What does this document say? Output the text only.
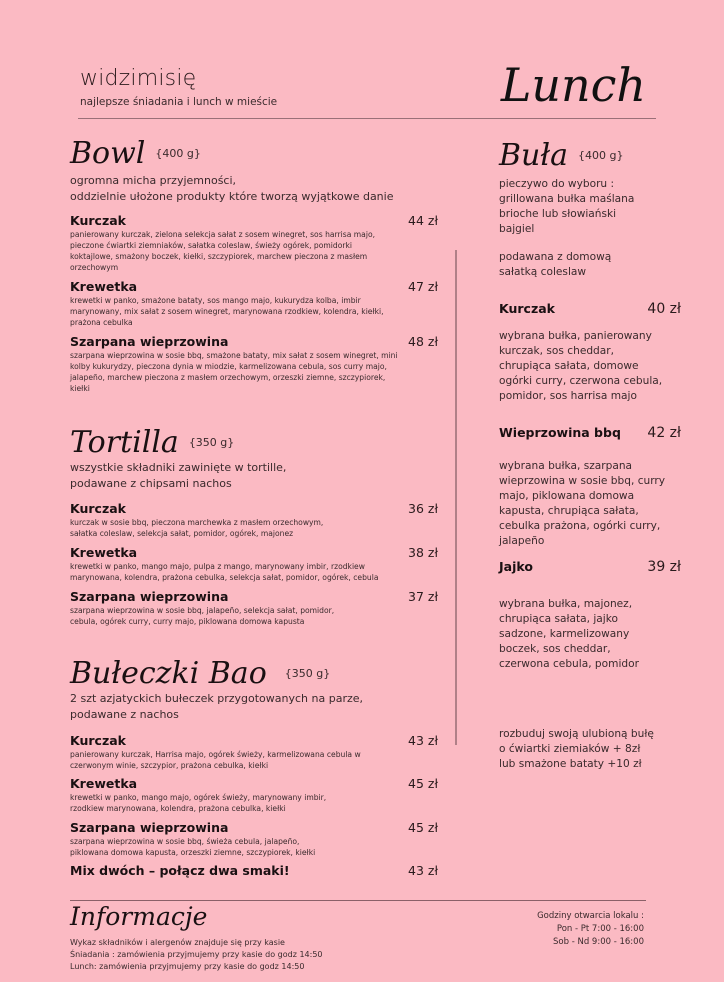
widzimisię
najlepsze śniadania i lunch w mieście	Lunch
Bowl $^{\{400 g\}}$
ogromna micha przyjemności,
oddzielnie ułożone produkty które tworzą wyjątkowe danie
Kurczak	44 zł
panierowany kurczak, zielona selekcja sałat z sosem winegret, sos harrisa majo, pieczone ćwiartki ziemniaków, sałatka coleslaw, świeży ogórek, pomidorki koktajlowe, smażony boczek, kiełki, szczypiorek, marchew pieczona z masłem orzechowym
Krewetka	47 zł
krewetki w panko, smażone bataty, sos mango majo, kukurydza kolba, imbir marynowany, mix sałat z sosem winegret, marynowana rzodkiew, kolendra, kiełki, prażona cebulka
Szarpana wieprzowina	48 zł
szarpana wieprzowina w sosie bbq, smażone bataty, mix sałat z sosem winegret, mini kolby kukurydzy, pieczona dynia w miodzie, karmelizowana cebula, sos curry majo, jalapeño, marchew pieczona z masłem orzechowym, orzeszki ziemne, szczypiorek, kiełki
Tortilla $^{\{350 g\}}$
wszystkie składniki zawinięte w tortille,
podawane z chipsami nachos
Kurczak	36 zł
kurczak w sosie bbq, pieczona marchewka z masłem orzechowym, sałatka coleslaw, selekcja sałat, pomidor, ogórek, majonez
Krewetka	38 zł
krewetki w panko, mango majo, pulpa z mango, marynowany imbir, rzodkiew marynowana, kolendra, prażona cebulka, selekcja sałat, pomidor, ogórek, cebula
Szarpana wieprzowina	37 zł
szarpana wieprzowina w sosie bbq, jalapeño, selekcja sałat, pomidor, cebula, ogórek curry, curry majo, piklowana domowa kapusta
Bułeczki Bao $^{\{350 g\}}$
2 szt azjatyckich bułeczek przygotowanych na parze,
podawane z nachos
Kurczak	43 zł
panierowany kurczak, Harrisa majo, ogórek świeży, karmelizowana cebula w czerwonym winie, szczypior, prażona cebulka, kiełki
Krewetka	45 zł
krewetki w panko, mango majo, ogórek świeży, marynowany imbir, rzodkiew marynowana, kolendra, prażona cebulka, kiełki
Szarpana wieprzowina	45 zł
szarpana wieprzowina w sosie bbq, świeża cebula, jalapeño, piklowana domowa kapusta, orzeszki ziemne, szczypiorek, kiełki
Mix dwóch – połącz dwa smaki!	43 zł
Buła $^{\{400 g\}}$
pieczywo do wyboru :
grillowana bułka maślana
brioche lub słowiański
bajgiel
podawana z domową
sałatką coleslaw
Kurczak	40 zł
wybrana bułka, panierowany kurczak, sos cheddar, chrupiąca sałata, domowe ogórki curry, czerwona cebula, pomidor, sos harrisa majo
Wieprzowina bbq 42 zł
wybrana bułka, szarpana wieprzowina w sosie bbq, curry majo, piklowana domowa kapusta, chrupiąca sałata, cebulka prażona, ogórki curry, jalapeño
Jajko	39 zł
wybrana bułka, majonez, chrupiąca sałata, jajko sadzone, karmelizowany boczek, sos cheddar, czerwona cebula, pomidor
rozbuduj swoją ulubioną bułę
o ćwiartki ziemiaków + 8zł
lub smażone bataty +10 zł
Informacje
Wykaz składników i alergenów znajduje się przy kasie
Śniadania : zamówienia przyjmujemy przy kasie do godz 14:50
Lunch: zamówienia przyjmujemy przy kasie do godz 14:50
Godziny otwarcia lokalu :
Pon - Pt 7:00 - 16:00
Sob - Nd 9:00 - 16:00
